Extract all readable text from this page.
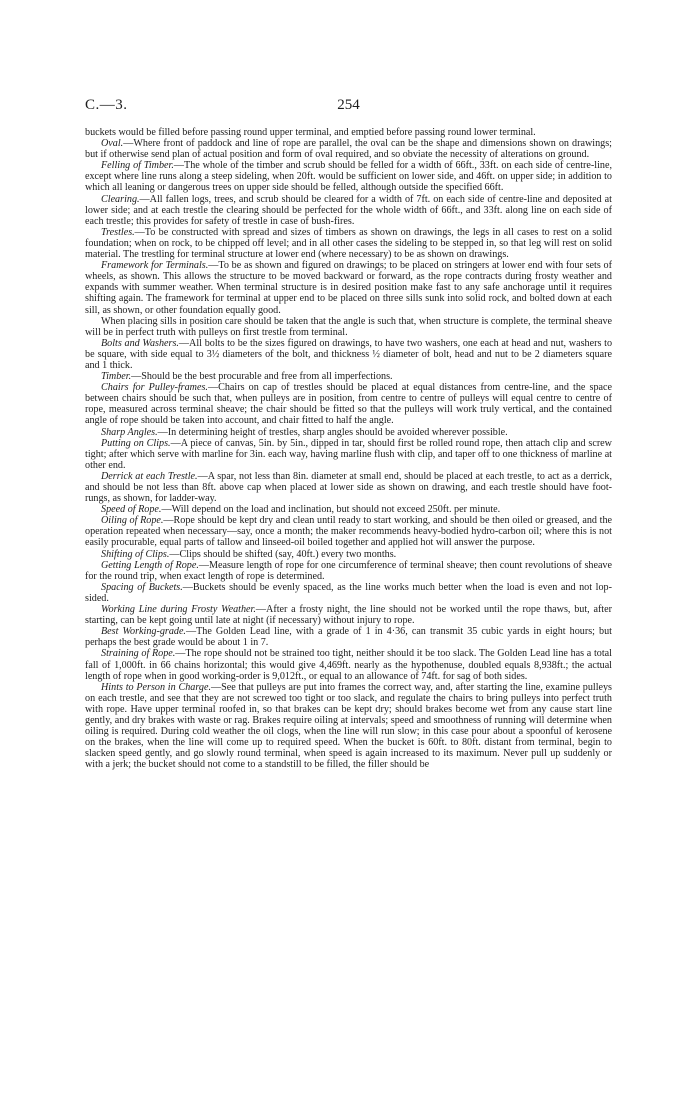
C.—3.	254

buckets would be filled before passing round upper terminal, and emptied before passing round lower terminal.

Oval.—Where front of paddock and line of rope are parallel, the oval can be the shape and dimensions shown on drawings; but if otherwise send plan of actual position and form of oval required, and so obviate the necessity of alterations on ground.

Felling of Timber.—The whole of the timber and scrub should be felled for a width of 66ft., 33ft. on each side of centre-line, except where line runs along a steep sideling, when 20ft. would be sufficient on lower side, and 46ft. on upper side; in addition to which all leaning or dangerous trees on upper side should be felled, although outside the specified 66ft.

Clearing.—All fallen logs, trees, and scrub should be cleared for a width of 7ft. on each side of centre-line and deposited at lower side; and at each trestle the clearing should be perfected for the whole width of 66ft., and 33ft. along line on each side of each trestle; this provides for safety of trestle in case of bush-fires.

Trestles.—To be constructed with spread and sizes of timbers as shown on drawings, the legs in all cases to rest on a solid foundation; when on rock, to be chipped off level; and in all other cases the sideling to be stepped in, so that leg will rest on solid material. The trestling for terminal structure at lower end (where necessary) to be as shown on drawings.

Framework for Terminals.—To be as shown and figured on drawings; to be placed on stringers at lower end with four sets of wheels, as shown. This allows the structure to be moved backward or forward, as the rope contracts during frosty weather and expands with summer weather. When terminal structure is in desired position make fast to any safe anchorage until it requires shifting again. The framework for terminal at upper end to be placed on three sills sunk into solid rock, and bolted down at each sill, as shown, or other foundation equally good.

When placing sills in position care should be taken that the angle is such that, when structure is complete, the terminal sheave will be in perfect truth with pulleys on first trestle from terminal.

Bolts and Washers.—All bolts to be the sizes figured on drawings, to have two washers, one each at head and nut, washers to be square, with side equal to 3½ diameters of the bolt, and thickness ½ diameter of bolt, head and nut to be 2 diameters square and 1 thick.

Timber.—Should be the best procurable and free from all imperfections.

Chairs for Pulley-frames.—Chairs on cap of trestles should be placed at equal distances from centre-line, and the space between chairs should be such that, when pulleys are in position, from centre to centre of pulleys will equal centre to centre of rope, measured across terminal sheave; the chair should be fitted so that the pulleys will work truly vertical, and the contained angle of rope should be taken into account, and chair fitted to half the angle.

Sharp Angles.—In determining height of trestles, sharp angles should be avoided wherever possible.

Putting on Clips.—A piece of canvas, 5in. by 5in., dipped in tar, should first be rolled round rope, then attach clip and screw tight; after which serve with marline for 3in. each way, having marline flush with clip, and taper off to one thickness of marline at other end.

Derrick at each Trestle.—A spar, not less than 8in. diameter at small end, should be placed at each trestle, to act as a derrick, and should be not less than 8ft. above cap when placed at lower side as shown on drawing, and each trestle should have foot-rungs, as shown, for ladder-way.

Speed of Rope.—Will depend on the load and inclination, but should not exceed 250ft. per minute.

Oiling of Rope.—Rope should be kept dry and clean until ready to start working, and should be then oiled or greased, and the operation repeated when necessary—say, once a month; the maker recommends heavy-bodied hydro-carbon oil; where this is not easily procurable, equal parts of tallow and linseed-oil boiled together and applied hot will answer the purpose.

Shifting of Clips.—Clips should be shifted (say, 40ft.) every two months.

Getting Length of Rope.—Measure length of rope for one circumference of terminal sheave; then count revolutions of sheave for the round trip, when exact length of rope is determined.

Spacing of Buckets.—Buckets should be evenly spaced, as the line works much better when the load is even and not lop-sided.

Working Line during Frosty Weather.—After a frosty night, the line should not be worked until the rope thaws, but, after starting, can be kept going until late at night (if necessary) without injury to rope.

Best Working-grade.—The Golden Lead line, with a grade of 1 in 4·36, can transmit 35 cubic yards in eight hours; but perhaps the best grade would be about 1 in 7.

Straining of Rope.—The rope should not be strained too tight, neither should it be too slack. The Golden Lead line has a total fall of 1,000ft. in 66 chains horizontal; this would give 4,469ft. nearly as the hypothenuse, doubled equals 8,938ft.; the actual length of rope when in good working-order is 9,012ft., or equal to an allowance of 74ft. for sag of both sides.

Hints to Person in Charge.—See that pulleys are put into frames the correct way, and, after starting the line, examine pulleys on each trestle, and see that they are not screwed too tight or too slack, and regulate the chairs to bring pulleys into perfect truth with rope. Have upper terminal roofed in, so that brakes can be kept dry; should brakes become wet from any cause start line gently, and dry brakes with waste or rag. Brakes require oiling at intervals; speed and smoothness of running will determine when oiling is required. During cold weather the oil clogs, when the line will run slow; in this case pour about a spoonful of kerosene on the brakes, when the line will come up to required speed. When the bucket is 60ft. to 80ft. distant from terminal, begin to slacken speed gently, and go slowly round terminal, when speed is again increased to its maximum. Never pull up suddenly or with a jerk; the bucket should not come to a standstill to be filled, the filler should be
